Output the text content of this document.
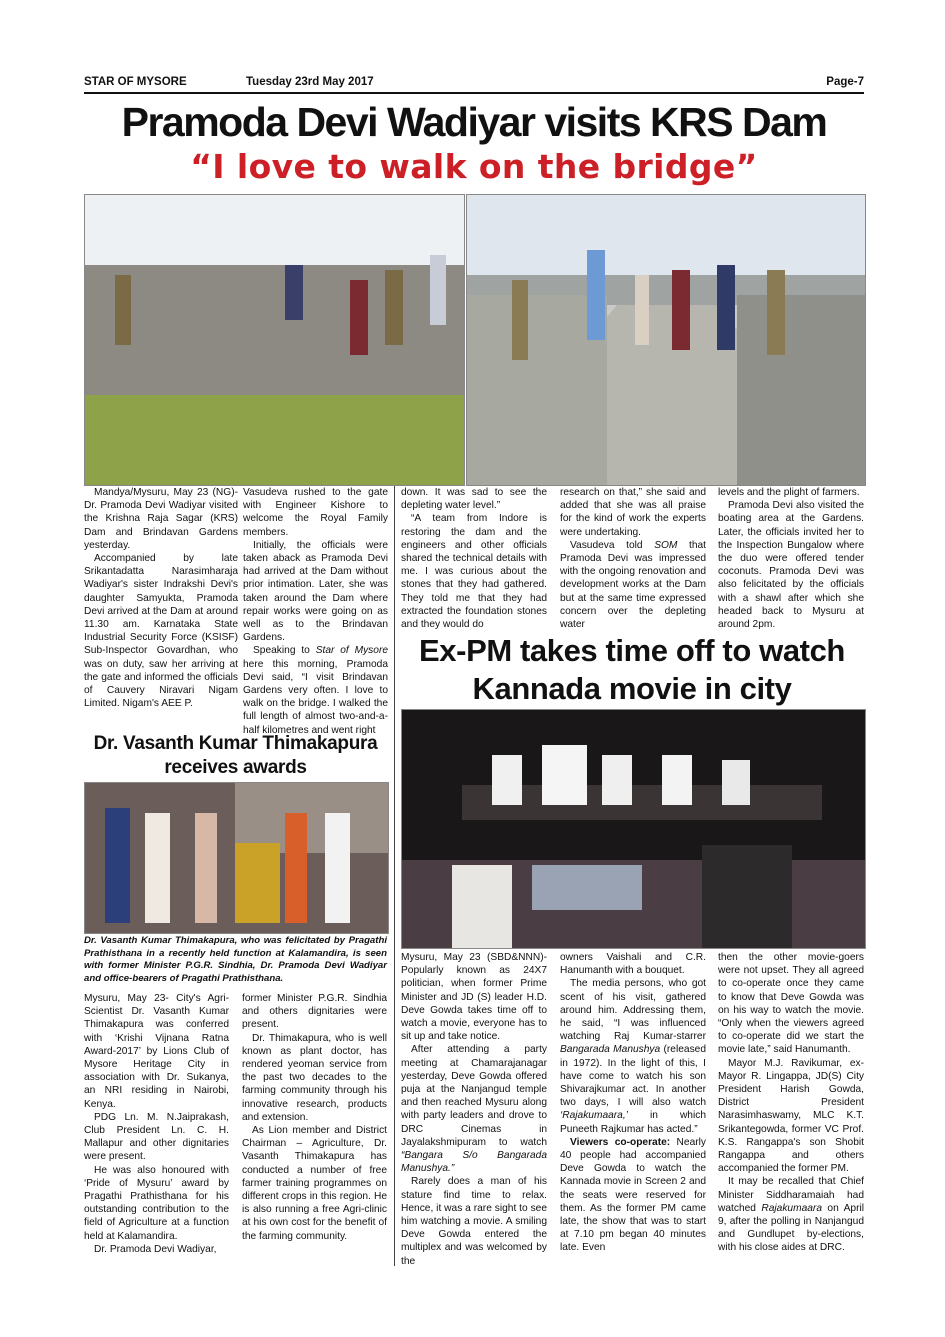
STAR OF MYSORE	Tuesday 23rd May 2017	Page-7
Pramoda Devi Wadiyar visits KRS Dam
“I love to walk on the bridge”

Mandya/Mysuru, May 23 (NG)- Dr. Pramoda Devi Wadiyar visited the Krishna Raja Sagar (KRS) Dam and Brindavan Gardens yesterday.

Accompanied by late Srikantadatta Narasimharaja Wadiyar's sister Indrakshi Devi's daughter Samyukta, Pramoda Devi arrived at the Dam at around 11.30 am. Karnataka State Industrial Security Force (KSISF) Sub-Inspector Govardhan, who was on duty, saw her arriving at the gate and informed the officials of Cauvery Niravari Nigam Limited. Nigam's AEE P.

Vasudeva rushed to the gate with Engineer Kishore to welcome the Royal Family members.

Initially, the officials were taken aback as Pramoda Devi had arrived at the Dam without prior intimation. Later, she was taken around the Dam where repair works were going on as well as to the Brindavan Gardens.

Speaking to Star of Mysore here this morning, Pramoda Devi said, “I visit Brindavan Gardens very often. I love to walk on the bridge. I walked the full length of almost two-and-a-half kilometres and went right

down. It was sad to see the depleting water level.”

“A team from Indore is restoring the dam and the engineers and other officials shared the technical details with me. I was curious about the stones that they had gathered. They told me that they had extracted the foundation stones and they would do

research on that,” she said and added that she was all praise for the kind of work the experts were undertaking.

Vasudeva told SOM that Pramoda Devi was impressed with the ongoing renovation and development works at the Dam but at the same time expressed concern over the depleting water

levels and the plight of farmers.

Pramoda Devi also visited the boating area at the Gardens. Later, the officials invited her to the Inspection Bungalow where the duo were offered tender coconuts. Pramoda Devi was also felicitated by the officials with a shawl after which she headed back to Mysuru at around 2pm.

Dr. Vasanth Kumar Thimakapura
receives awards
Dr. Vasanth Kumar Thimakapura, who was felicitated by Pragathi Prathisthana in a recently held function at Kalamandira, is seen with former Minister P.G.R. Sindhia, Dr. Pramoda Devi Wadiyar and office-bearers of Pragathi Prathisthana.

Mysuru, May 23- City's Agri-Scientist Dr. Vasanth Kumar Thimakapura was conferred with ‘Krishi Vijnana Ratna Award-2017’ by Lions Club of Mysore Heritage City in association with Dr. Sukanya, an NRI residing in Nairobi, Kenya.

PDG Ln. M. N.Jaiprakash, Club President Ln. C. H. Mallapur and other dignitaries were present.

He was also honoured with ‘Pride of Mysuru’ award by Pragathi Prathisthana for his outstanding contribution to the field of Agriculture at a function held at Kalamandira.

Dr. Pramoda Devi Wadiyar,

former Minister P.G.R. Sindhia and others dignitaries were present.

Dr. Thimakapura, who is well known as plant doctor, has rendered yeoman service from the past two decades to the farming community through his innovative research, products and extension.

As Lion member and District Chairman – Agriculture, Dr. Vasanth Thimakapura has conducted a number of free farmer training programmes on different crops in this region. He is also running a free Agri-clinic at his own cost for the benefit of the farming community.

Ex-PM takes time off to watch
Kannada movie in city

Mysuru, May 23 (SBD&NNN)- Popularly known as 24X7 politician, when former Prime Minister and JD (S) leader H.D. Deve Gowda takes time off to watch a movie, everyone has to sit up and take notice.

After attending a party meeting at Chamarajanagar yesterday, Deve Gowda offered puja at the Nanjangud temple and then reached Mysuru along with party leaders and drove to DRC Cinemas in Jayalakshmipuram to watch “Bangara S/o Bangarada Manushya.”

Rarely does a man of his stature find time to relax. Hence, it was a rare sight to see him watching a movie. A smiling Deve Gowda entered the multiplex and was welcomed by the

owners Vaishali and C.R. Hanumanth with a bouquet.

The media persons, who got scent of his visit, gathered around him. Addressing them, he said, “I was influenced watching Raj Kumar-starrer Bangarada Manushya (released in 1972). In the light of this, I have come to watch his son Shivarajkumar act. In another two days, I will also watch ‘Rajakumaara,’ in which Puneeth Rajkumar has acted.”

Viewers co-operate: Nearly 40 people had accompanied Deve Gowda to watch the Kannada movie in Screen 2 and the seats were reserved for them. As the former PM came late, the show that was to start at 7.10 pm began 40 minutes late. Even

then the other movie-goers were not upset. They all agreed to co-operate once they came to know that Deve Gowda was on his way to watch the movie. “Only when the viewers agreed to co-operate did we start the movie late,” said Hanumanth.

Mayor M.J. Ravikumar, ex-Mayor R. Lingappa, JD(S) City President Harish Gowda, District President Narasimhaswamy, MLC K.T. Srikantegowda, former VC Prof. K.S. Rangappa's son Shobit Rangappa and others accompanied the former PM.

It may be recalled that Chief Minister Siddharamaiah had watched Rajakumaara on April 9, after the polling in Nanjangud and Gundlupet by-elections, with his close aides at DRC.
